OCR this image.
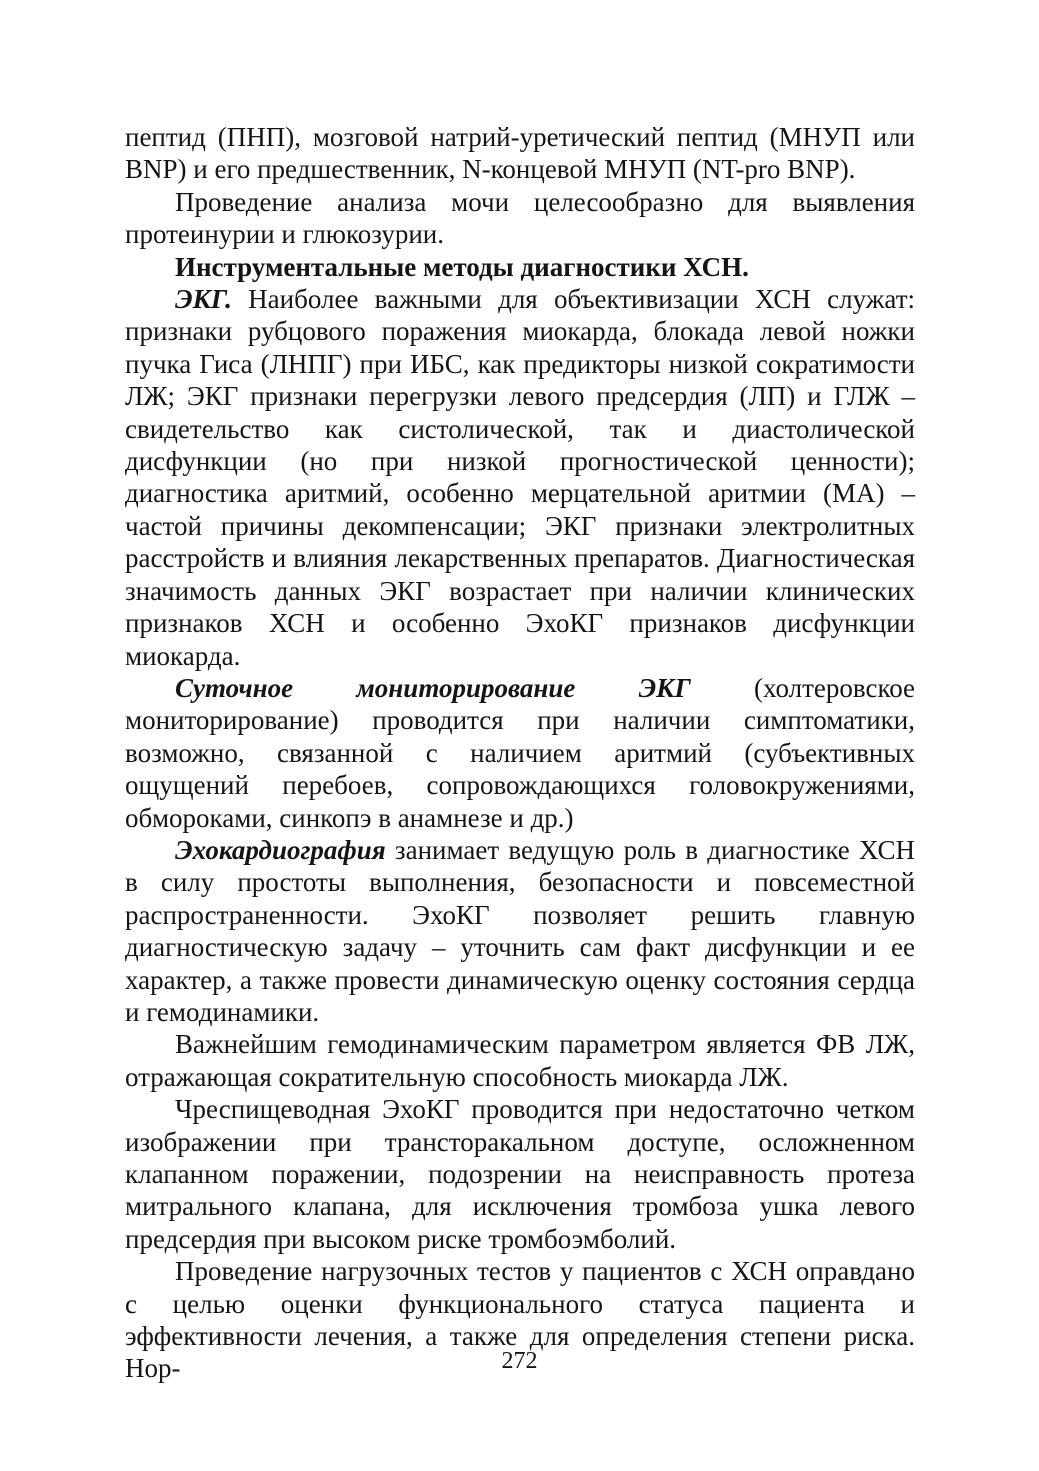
пептид (ПНП), мозговой натрий-уретический пептид (МНУП или BNP) и его предшественник, N-концевой МНУП (NT-pro BNP).

Проведение анализа мочи целесообразно для выявления протеинурии и глюкозурии.

Инструментальные методы диагностики ХСН.

ЭКГ. Наиболее важными для объективизации ХСН служат: признаки рубцового поражения миокарда, блокада левой ножки пучка Гиса (ЛНПГ) при ИБС, как предикторы низкой сократимости ЛЖ; ЭКГ признаки перегрузки левого предсердия (ЛП) и ГЛЖ – свидетельство как систолической, так и диастолической дисфункции (но при низкой прогностической ценности); диагностика аритмий, особенно мерцательной аритмии (МА) – частой причины декомпенсации; ЭКГ признаки электролитных расстройств и влияния лекарственных препаратов. Диагностическая значимость данных ЭКГ возрастает при наличии клинических признаков ХСН и особенно ЭхоКГ признаков дисфункции миокарда.

Суточное мониторирование ЭКГ (холтеровское мониторирование) проводится при наличии симптоматики, возможно, связанной с наличием аритмий (субъективных ощущений перебоев, сопровождающихся головокружениями, обмороками, синкопэ в анамнезе и др.)

Эхокардиография занимает ведущую роль в диагностике ХСН в силу простоты выполнения, безопасности и повсеместной распространенности. ЭхоКГ позволяет решить главную диагностическую задачу – уточнить сам факт дисфункции и ее характер, а также провести динамическую оценку состояния сердца и гемодинамики.

Важнейшим гемодинамическим параметром является ФВ ЛЖ, отражающая сократительную способность миокарда ЛЖ.

Чреспищеводная ЭхоКГ проводится при недостаточно четком изображении при трансторакальном доступе, осложненном клапанном поражении, подозрении на неисправность протеза митрального клапана, для исключения тромбоза ушка левого предсердия при высоком риске тромбоэмболий.

Проведение нагрузочных тестов у пациентов с ХСН оправдано с целью оценки функционального статуса пациента и эффективности лечения, а также для определения степени риска. Нор-	272
